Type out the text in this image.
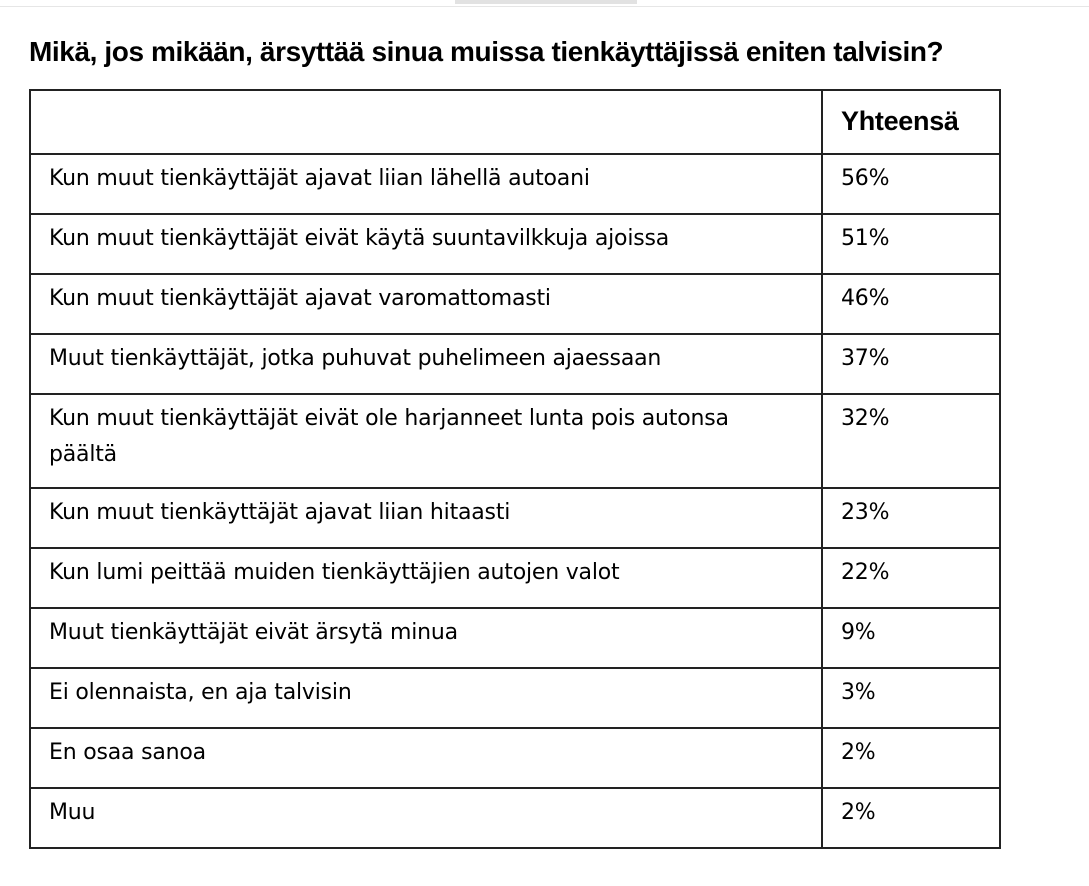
Mikä, jos mikään, ärsyttää sinua muissa tienkäyttäjissä eniten talvisin?
	Yhteensä
Kun muut tienkäyttäjät ajavat liian lähellä autoani	56%
Kun muut tienkäyttäjät eivät käytä suuntavilkkuja ajoissa	51%
Kun muut tienkäyttäjät ajavat varomattomasti	46%
Muut tienkäyttäjät, jotka puhuvat puhelimeen ajaessaan	37%
Kun muut tienkäyttäjät eivät ole harjanneet lunta pois autonsa päältä	32%
Kun muut tienkäyttäjät ajavat liian hitaasti	23%
Kun lumi peittää muiden tienkäyttäjien autojen valot	22%
Muut tienkäyttäjät eivät ärsytä minua	9%
Ei olennaista, en aja talvisin	3%
En osaa sanoa	2%
Muu	2%
